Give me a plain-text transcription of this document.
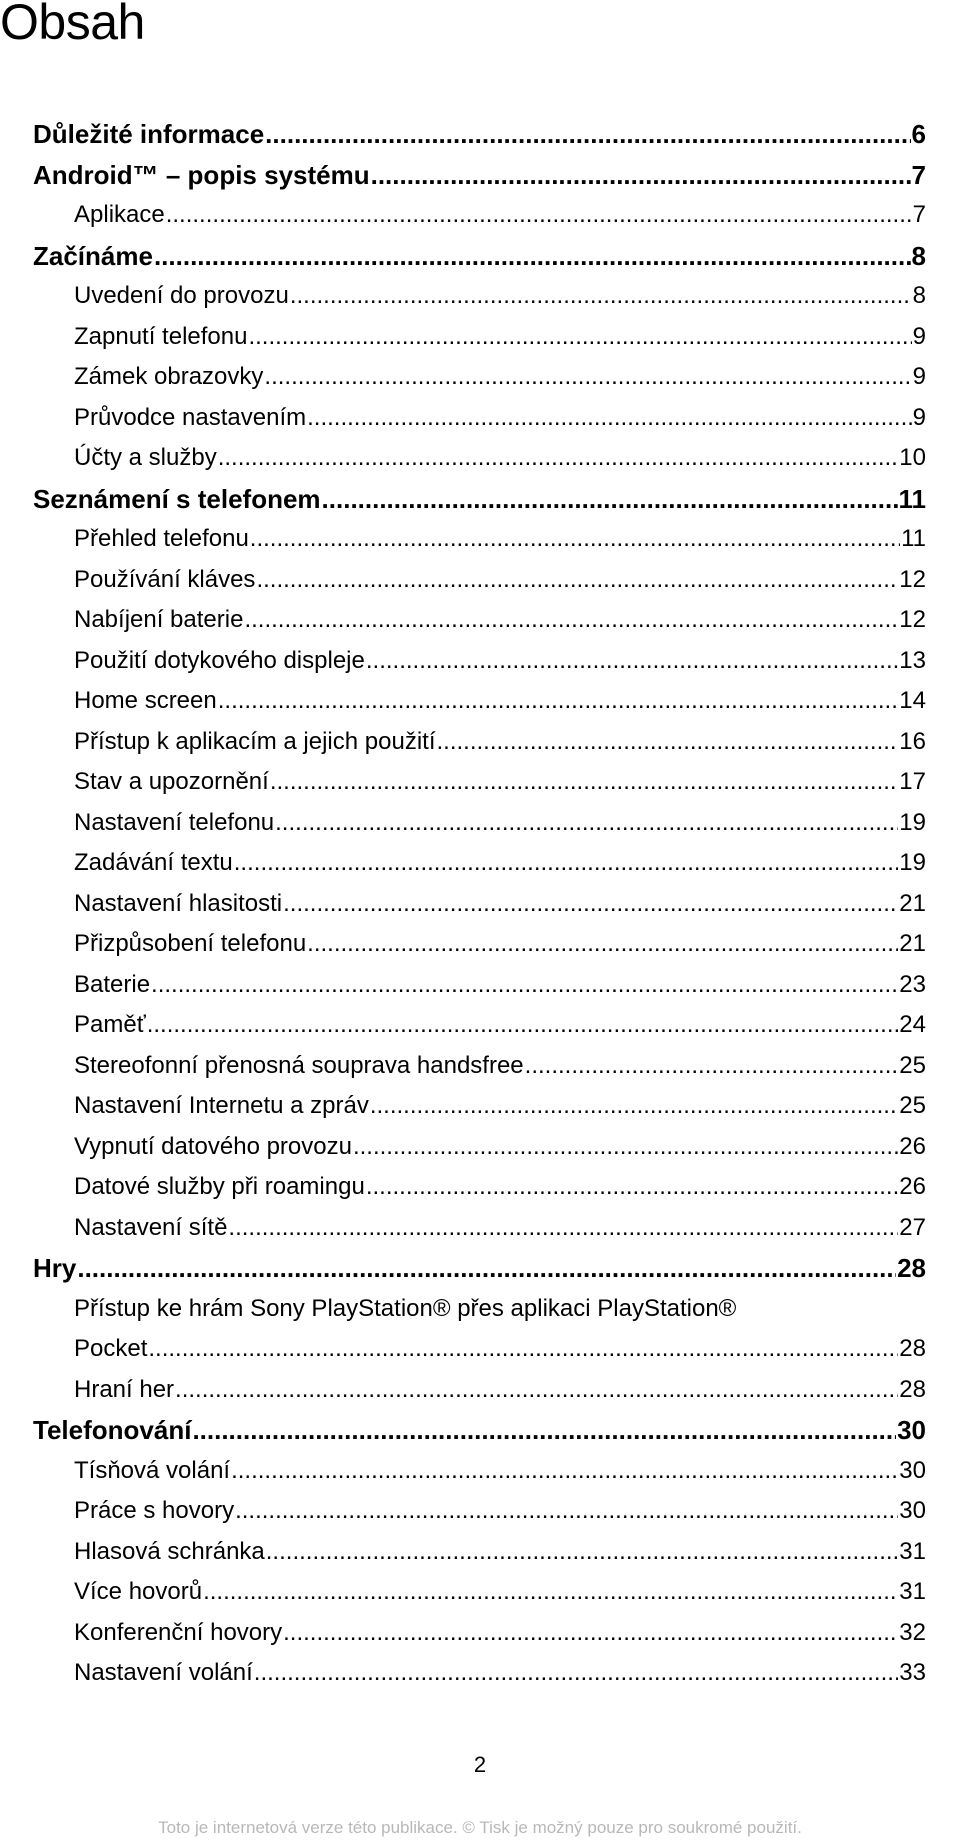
Obsah
Důležité informace .....	6
Android™ – popis systému .....	7
Aplikace .....	7
Začínáme .....	8
Uvedení do provozu .....	8
Zapnutí telefonu .....	9
Zámek obrazovky .....	9
Průvodce nastavením .....	9
Účty a služby .....	10
Seznámení s telefonem .....	11
Přehled telefonu .....	11
Používání kláves .....	12
Nabíjení baterie .....	12
Použití dotykového displeje .....	13
Home screen .....	14
Přístup k aplikacím a jejich použití .....	16
Stav a upozornění .....	17
Nastavení telefonu .....	19
Zadávání textu .....	19
Nastavení hlasitosti .....	21
Přizpůsobení telefonu .....	21
Baterie .....	23
Paměť .....	24
Stereofonní přenosná souprava handsfree .....	25
Nastavení Internetu a zpráv .....	25
Vypnutí datového provozu .....	26
Datové služby při roamingu .....	26
Nastavení sítě .....	27
Hry .....	28
Přístup ke hrám Sony PlayStation® přes aplikaci PlayStation®
Pocket .....	28
Hraní her .....	28
Telefonování .....	30
Tísňová volání .....	30
Práce s hovory .....	30
Hlasová schránka .....	31
Více hovorů .....	31
Konferenční hovory .....	32
Nastavení volání .....	33
2
Toto je internetová verze této publikace. © Tisk je možný pouze pro soukromé použití.
